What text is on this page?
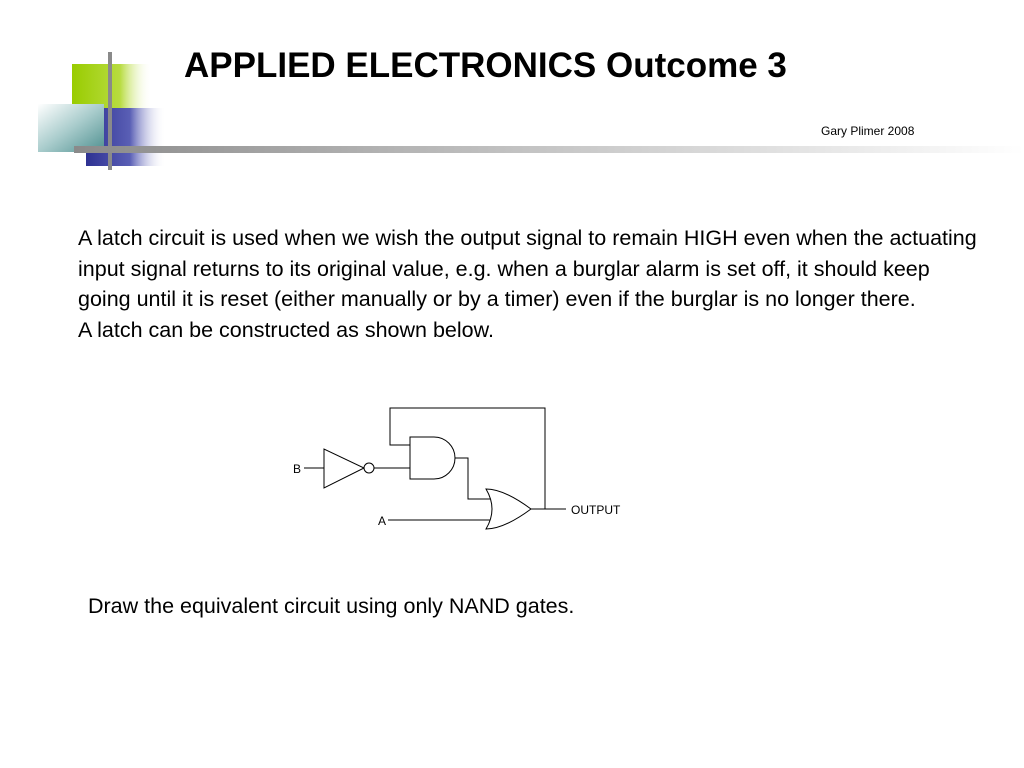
APPLIED ELECTRONICS Outcome 3
Gary Plimer 2008

A latch circuit is used when we wish the output signal to remain HIGH even when the actuating input signal returns to its original value, e.g. when a burglar alarm is set off, it should keep going until it is reset (either manually or by a timer) even if the burglar is no longer there.

A latch can be constructed as shown below.

B
A
OUTPUT

Draw the equivalent circuit using only NAND gates.
